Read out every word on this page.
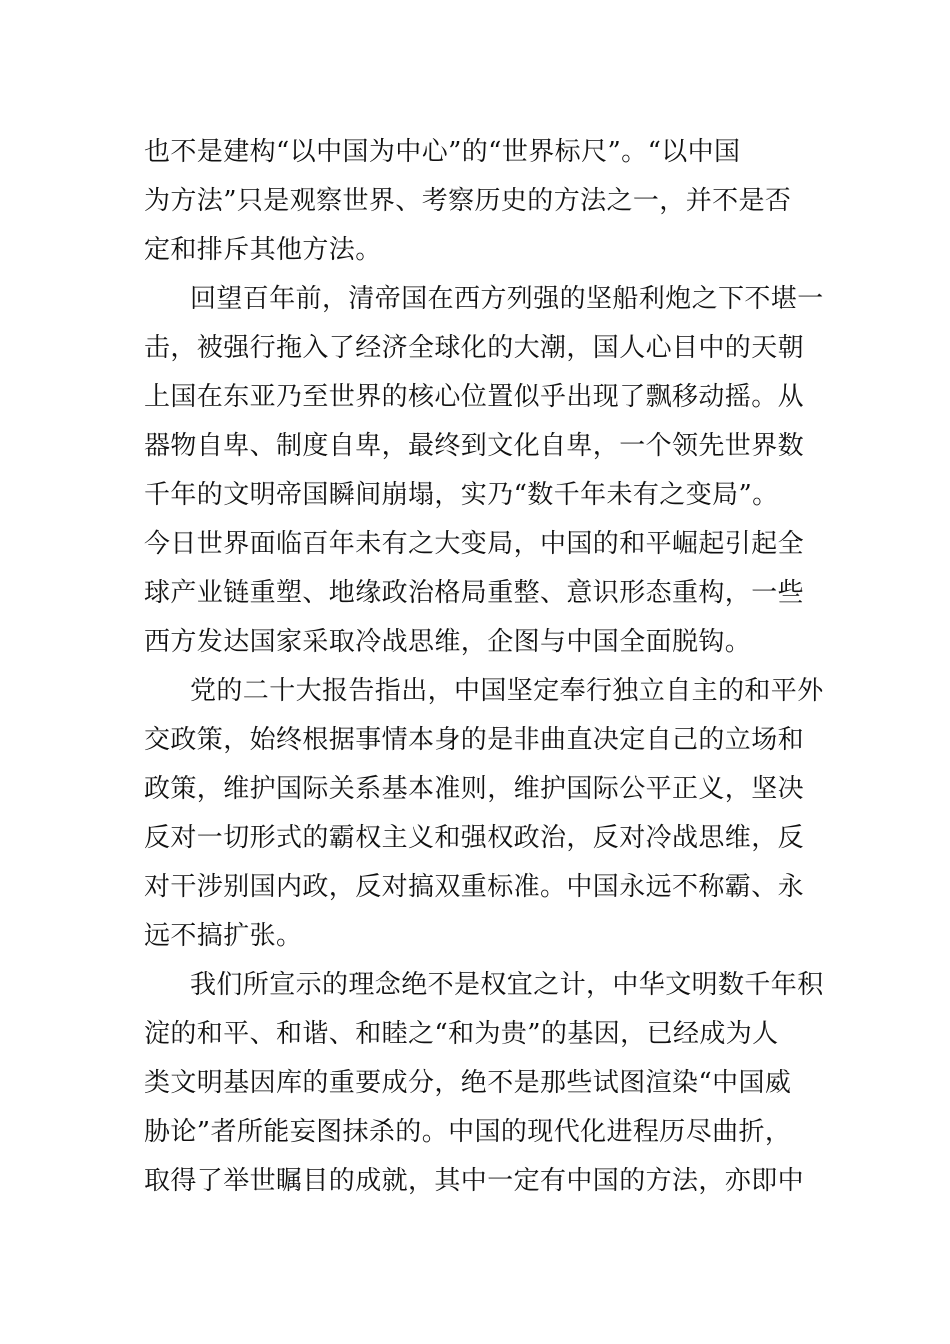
也不是建构“以中国为中心”的“世界标尺”。“以中国
为方法”只是观察世界、考察历史的方法之一，并不是否
定和排斥其他方法。
回望百年前，清帝国在西方列强的坚船利炮之下不堪一
击，被强行拖入了经济全球化的大潮，国人心目中的天朝
上国在东亚乃至世界的核心位置似乎出现了飘移动摇。从
器物自卑、制度自卑，最终到文化自卑，一个领先世界数
千年的文明帝国瞬间崩塌，实乃“数千年未有之变局”。
今日世界面临百年未有之大变局，中国的和平崛起引起全
球产业链重塑、地缘政治格局重整、意识形态重构，一些
西方发达国家采取冷战思维，企图与中国全面脱钩。
党的二十大报告指出，中国坚定奉行独立自主的和平外
交政策，始终根据事情本身的是非曲直决定自己的立场和
政策，维护国际关系基本准则，维护国际公平正义，坚决
反对一切形式的霸权主义和强权政治，反对冷战思维，反
对干涉别国内政，反对搞双重标准。中国永远不称霸、永
远不搞扩张。
我们所宣示的理念绝不是权宜之计，中华文明数千年积
淀的和平、和谐、和睦之“和为贵”的基因，已经成为人
类文明基因库的重要成分，绝不是那些试图渲染“中国威
胁论”者所能妄图抹杀的。中国的现代化进程历尽曲折，
取得了举世瞩目的成就，其中一定有中国的方法，亦即中
